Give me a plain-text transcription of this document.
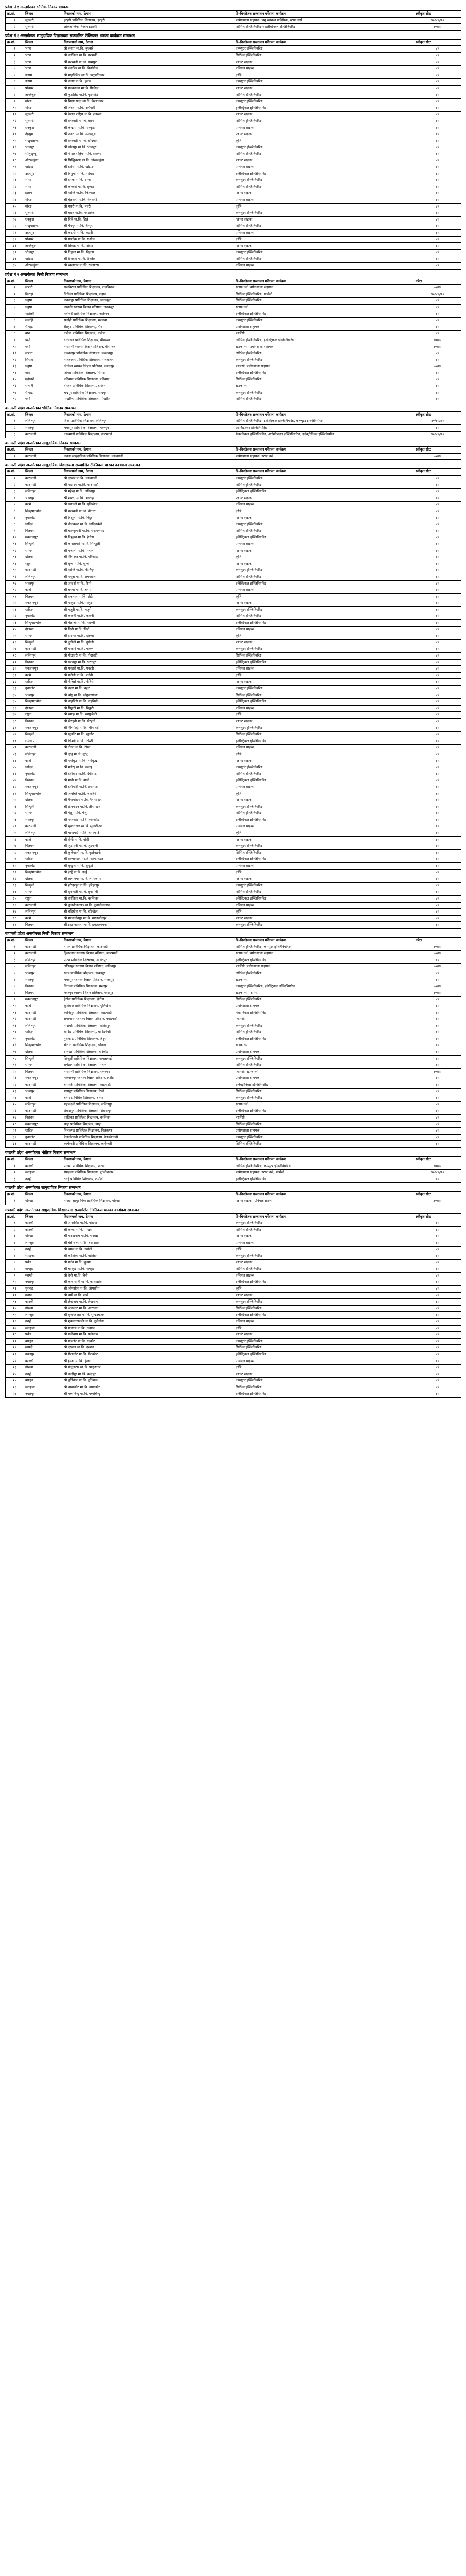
प्रदेश नं १ अन्तर्गतका भौतिक निकाय सम्बन्धन
क्र.सं.	जिल्ला	निकायको नाम, ठेगाना	डि-बिनलेजन सञ्चालन गर्नेवाला कार्यक्रम	स्वीकृत सीट
१	सुनसरी	इटहरी प्राविधिक शिक्षालय, इटहरी	प्रयोगशाला सहायक, पशु स्वास्थ्य प्राविधिक, स्टाफ नर्स	४०/४०/४०
२	सुनसरी	लोकतान्त्रिक निकाय इटहरी	सिभिल इञ्जिनियरिङ र इलेक्ट्रिकल इञ्जिनियरिङ	४०/४०
प्रदेश नं १ अन्तर्गतका सामुदायिक विद्यालयमा सञ्चालित टेक्निकल धारका कार्यक्रम सम्बन्धन
क्र.सं.	जिल्ला	विद्यालयको नाम, ठेगाना	डि-बिनलेजन सञ्चालन गर्नेवाला कार्यक्रम	स्वीकृत सीट
१	भापा	श्री जनता मा.वि. बुधबारे	कम्प्युटर इञ्जिनियरिङ	४०
२	भापा	श्री कालिका मा.वि. गरामनी	सिभिल इञ्जिनियरिङ	४०
३	भापा	श्री सरस्वती मा.वि. धरमपुर	प्लान्ट साइन्स	४०
४	भापा	श्री जनप्रिय मा.वि. बिर्तामोड	एनिमल साइन्स	४०
५	इलाम	श्री माइडिलिप मा.वि. पशुपतिनगर	कृषि	४०
६	इलाम	श्री कन्या मा.वि. इलाम	कम्प्युटर इञ्जिनियरिङ	४०
७	पाँचथर	श्री पञ्चकन्या मा.वि. फिदिम	प्लान्ट साइन्स	४०
८	ताप्लेजुङ	श्री फुङलिङ मा.वि. फुङलिङ	सिभिल इञ्जिनियरिङ	४०
९	मोरङ	श्री शिक्षा सदन मा.वि. विराटनगर	कम्प्युटर इञ्जिनियरिङ	४०
१०	मोरङ	श्री जनता मा.वि. उर्लाबारी	इलेक्ट्रिकल इञ्जिनियरिङ	४०
११	सुनसरी	श्री नेपाल राष्ट्रिय मा.वि. इनरुवा	प्लान्ट साइन्स	४०
१२	सुनसरी	श्री सरस्वती मा.वि. धरान	सिभिल इञ्जिनियरिङ	४०
१३	धनकुटा	श्री केन्द्रीय मा.वि. धनकुटा	एनिमल साइन्स	४०
१४	तेह्रथुम	श्री जनता मा.वि. म्याङलुङ	प्लान्ट साइन्स	४०
१५	संखुवासभा	श्री सरस्वती मा.वि. खाँदबारी	कृषि	४०
१६	भोजपुर	श्री भोजपुर मा.वि. भोजपुर	कम्प्युटर इञ्जिनियरिङ	४०
१७	सोलुखुम्बु	श्री नेपाल राष्ट्रिय मा.वि. सल्लेरी	सिभिल इञ्जिनियरिङ	४०
१८	ओखलढुंगा	श्री सिद्धिचरण मा.वि. ओखलढुंगा	प्लान्ट साइन्स	४०
१९	खोटाङ	श्री हलेसी मा.वि. खोटाङ	एनिमल साइन्स	४०
२०	उदयपुर	श्री त्रियुगा मा.वि. गाईघाट	इलेक्ट्रिकल इञ्जिनियरिङ	४०
२१	भापा	श्री दमक मा.वि. दमक	कम्प्युटर इञ्जिनियरिङ	४०
२२	भापा	श्री कन्काई मा.वि. सुरुङ्गा	सिभिल इञ्जिनियरिङ	४०
२३	इलाम	श्री शान्ति मा.वि. फिक्कल	प्लान्ट साइन्स	४०
२४	मोरङ	श्री बेलबारी मा.वि. बेलबारी	एनिमल साइन्स	४०
२५	मोरङ	श्री पथरी मा.वि. पथरी	कृषि	४०
२६	सुनसरी	श्री बराह मा.वि. बराहक्षेत्र	कम्प्युटर इञ्जिनियरिङ	४०
२७	धनकुटा	श्री हिले मा.वि. हिले	प्लान्ट साइन्स	४०
२८	संखुवासभा	श्री चैनपुर मा.वि. चैनपुर	सिभिल इञ्जिनियरिङ	४०
२९	उदयपुर	श्री कटारी मा.वि. कटारी	एनिमल साइन्स	४०
३०	पाँचथर	श्री याशोक मा.वि. याशोक	कृषि	४०
३१	ताप्लेजुङ	श्री सिवाइ मा.वि. सिवाइ	प्लान्ट साइन्स	४०
३२	भोजपुर	श्री दिङ्ला मा.वि. दिङ्ला	कम्प्युटर इञ्जिनियरिङ	४०
३३	खोटाङ	श्री दिक्तेल मा.वि. दिक्तेल	सिभिल इञ्जिनियरिङ	४०
३४	ओखलढुंगा	श्री रुम्जाटार मा.वि. रुम्जाटार	एनिमल साइन्स	४०
प्रदेश नं २ अन्तर्गतका निजी निकाय सम्बन्धन
क्र.सं.	जिल्ला	निकायको नाम, ठेगाना	डि-बिनलेजन सञ्चालन गर्नेवाला कार्यक्रम	कोटा
१	सप्तरी	राजविराज प्राविधिक शिक्षालय, राजविराज	स्टाफ नर्स, प्रयोगशाला सहायक	४०/४०
२	सिराहा	मिथिला प्राविधिक शिक्षालय, लहान	सिभिल इञ्जिनियरिङ, फार्मेसी	४०/४०/४०
३	धनुषा	जनकपुर प्राविधिक शिक्षालय, जनकपुर	सिभिल इञ्जिनियरिङ	४०
४	धनुषा	जानकी स्वास्थ्य विज्ञान प्रतिष्ठान, जनकपुर	स्टाफ नर्स	४०
५	महोत्तरी	महोत्तरी प्राविधिक शिक्षालय, जलेश्वर	इलेक्ट्रिकल इञ्जिनियरिङ	४०
६	सर्लाही	सर्लाही प्राविधिक शिक्षालय, मलंगवा	कम्प्युटर इञ्जिनियरिङ	४०
७	रौतहट	रौतहट प्राविधिक शिक्षालय, गौर	प्रयोगशाला सहायक	४०
८	बारा	कलैया प्राविधिक शिक्षालय, कलैया	फार्मेसी	४०
९	पर्सा	वीरगञ्ज प्राविधिक शिक्षालय, वीरगञ्ज	सिभिल इञ्जिनियरिङ, इलेक्ट्रिकल इञ्जिनियरिङ	४०/४०
१०	पर्सा	नारायणी स्वास्थ्य विज्ञान प्रतिष्ठान, वीरगञ्ज	स्टाफ नर्स, प्रयोगशाला सहायक	४०/४०
११	सप्तरी	कञ्चनपुर प्राविधिक शिक्षालय, कञ्चनपुर	सिभिल इञ्जिनियरिङ	४०
१२	सिराहा	गोलबजार प्राविधिक शिक्षालय, गोलबजार	कम्प्युटर इञ्जिनियरिङ	४०
१३	धनुषा	मिथिला स्वास्थ्य विज्ञान प्रतिष्ठान, जनकपुर	फार्मेसी, प्रयोगशाला सहायक	४०/४०
१४	बारा	सिमरा प्राविधिक शिक्षालय, सिमरा	इलेक्ट्रिकल इञ्जिनियरिङ	४०
१५	महोत्तरी	बर्दिबास प्राविधिक शिक्षालय, बर्दिबास	सिभिल इञ्जिनियरिङ	४०
१६	सर्लाही	हरिवन प्राविधिक शिक्षालय, हरिवन	स्टाफ नर्स	४०
१७	रौतहट	चन्द्रपुर प्राविधिक शिक्षालय, चन्द्रपुर	कम्प्युटर इञ्जिनियरिङ	४०
१८	पर्सा	पोखरिया प्राविधिक शिक्षालय, पोखरिया	सिभिल इञ्जिनियरिङ	४०
बागमती प्रदेश अन्तर्गतका भौतिक निकाय सम्बन्धन
क्र.सं.	जिल्ला	निकायको नाम, ठेगाना	डि-बिनलेजन सञ्चालन गर्नेवाला कार्यक्रम	स्वीकृत सीट
१	ललितपुर	विश्व प्राविधिक शिक्षालय, ललितपुर	सिभिल इञ्जिनियरिङ, इलेक्ट्रिकल इञ्जिनियरिङ, कम्प्युटर इञ्जिनियरिङ	४०/४०/४०
२	भक्तपुर	भक्तपुर प्राविधिक शिक्षालय, भक्तपुर	आर्किटेक्चर इञ्जिनियरिङ	४०
३	काठमाडौं	काठमाडौं प्राविधिक शिक्षालय, काठमाडौं	मेकानिकल इञ्जिनियरिङ, अटोमोबाइल इञ्जिनियरिङ, इलेक्ट्रोनिक्स इञ्जिनियरिङ	४०/४०/४०
बागमती प्रदेश अन्तर्गतका सामुदायिक निकाय सम्बन्धन
क्र.सं.	जिल्ला	निकायको नाम, ठेगाना	डि-बिनलेजन सञ्चालन गर्नेवाला कार्यक्रम	स्वीकृत सीट
१	काठमाडौं	जनता सामुदायिक प्राविधिक शिक्षालय, काठमाडौं	प्रयोगशाला सहायक, स्टाफ नर्स	४०/४०
बागमती प्रदेश अन्तर्गतका सामुदायिक विद्यालयमा सञ्चालित टेक्निकल धारका कार्यक्रम सम्बन्धन
क्र.सं.	जिल्ला	विद्यालयको नाम, ठेगाना	डि-बिनलेजन सञ्चालन गर्नेवाला कार्यक्रम	स्वीकृत सीट
१	काठमाडौं	श्री दरबार मा.वि. काठमाडौं	कम्प्युटर इञ्जिनियरिङ	४०
२	काठमाडौं	श्री पद्मोदय मा.वि. काठमाडौं	सिभिल इञ्जिनियरिङ	४०
३	ललितपुर	श्री महेन्द्र मा.वि. ललितपुर	इलेक्ट्रिकल इञ्जिनियरिङ	४०
४	भक्तपुर	श्री शारदा मा.वि. भक्तपुर	प्लान्ट साइन्स	४०
५	काभ्रे	श्री भगवती मा.वि. धुलिखेल	एनिमल साइन्स	४०
६	सिन्धुपाल्चोक	श्री सरस्वती मा.वि. चौतारा	कृषि	४०
७	नुवाकोट	श्री त्रिशूली मा.वि. बिदुर	प्लान्ट साइन्स	४०
८	धादिङ	श्री नीलकण्ठ मा.वि. धादिङबेसी	कम्प्युटर इञ्जिनियरिङ	४०
९	चितवन	श्री बालकुमारी मा.वि. नारायणगढ	सिभिल इञ्जिनियरिङ	४०
१०	मकवानपुर	श्री त्रिभुवन मा.वि. हेटौंडा	इलेक्ट्रिकल इञ्जिनियरिङ	४०
११	सिन्धुली	श्री कमलामाई मा.वि. सिन्धुली	एनिमल साइन्स	४०
१२	रामेछाप	श्री मन्थली मा.वि. मन्थली	प्लान्ट साइन्स	४०
१३	दोलखा	श्री भीमेश्वर मा.वि. चरिकोट	कृषि	४०
१४	रसुवा	श्री धुन्चे मा.वि. धुन्चे	प्लान्ट साइन्स	४०
१५	काठमाडौं	श्री शान्ति मा.वि. कीर्तिपुर	कम्प्युटर इञ्जिनियरिङ	४०
१६	ललितपुर	श्री नमूना मा.वि. लगनखेल	सिभिल इञ्जिनियरिङ	४०
१७	भक्तपुर	श्री आदर्श मा.वि. ठिमी	इलेक्ट्रिकल इञ्जिनियरिङ	४०
१८	काभ्रे	श्री बनेपा मा.वि. बनेपा	एनिमल साइन्स	४०
१९	चितवन	श्री रत्ननगर मा.वि. टाँडी	कृषि	४०
२०	मकवानपुर	श्री पालुङ मा.वि. पालुङ	प्लान्ट साइन्स	४०
२१	धादिङ	श्री गजुरी मा.वि. गजुरी	कम्प्युटर इञ्जिनियरिङ	४०
२२	नुवाकोट	श्री ककनी मा.वि. ककनी	सिभिल इञ्जिनियरिङ	४०
२३	सिन्धुपाल्चोक	श्री मेलम्ची मा.वि. मेलम्ची	इलेक्ट्रिकल इञ्जिनियरिङ	४०
२४	दोलखा	श्री जिरी मा.वि. जिरी	एनिमल साइन्स	४०
२५	रामेछाप	श्री दोरम्बा मा.वि. दोरम्बा	कृषि	४०
२६	सिन्धुली	श्री दुधौली मा.वि. दुधौली	प्लान्ट साइन्स	४०
२७	काठमाडौं	श्री गोकर्ण मा.वि. गोकर्ण	कम्प्युटर इञ्जिनियरिङ	४०
२८	ललितपुर	श्री गोदावरी मा.वि. गोदावरी	सिभिल इञ्जिनियरिङ	४०
२९	चितवन	श्री भरतपुर मा.वि. भरतपुर	इलेक्ट्रिकल इञ्जिनियरिङ	४०
३०	मकवानपुर	श्री मनहरी मा.वि. मनहरी	एनिमल साइन्स	४०
३१	काभ्रे	श्री पनौती मा.वि. पनौती	कृषि	४०
३२	धादिङ	श्री नौबिसे मा.वि. नौबिसे	प्लान्ट साइन्स	४०
३३	नुवाकोट	श्री बट्टार मा.वि. बट्टार	कम्प्युटर इञ्जिनियरिङ	४०
३४	भक्तपुर	श्री चाँगु मा.वि. चाँगुनारायण	सिभिल इञ्जिनियरिङ	४०
३५	सिन्धुपाल्चोक	श्री बाह्रबिसे मा.वि. बाह्रबिसे	इलेक्ट्रिकल इञ्जिनियरिङ	४०
३६	दोलखा	श्री सिङ्गटी मा.वि. सिङ्गटी	एनिमल साइन्स	४०
३७	रसुवा	श्री स्याफ्रु मा.वि. स्याफ्रुबेसी	कृषि	४०
३८	चितवन	श्री खैरहनी मा.वि. खैरहनी	प्लान्ट साइन्स	४०
३९	मकवानपुर	श्री भीमफेदी मा.वि. भीमफेदी	कम्प्युटर इञ्जिनियरिङ	४०
४०	सिन्धुली	श्री खुर्कोट मा.वि. खुर्कोट	सिभिल इञ्जिनियरिङ	४०
४१	रामेछाप	श्री खिम्ती मा.वि. खिम्ती	इलेक्ट्रिकल इञ्जिनियरिङ	४०
४२	काठमाडौं	श्री टोखा मा.वि. टोखा	एनिमल साइन्स	४०
४३	ललितपुर	श्री लुभु मा.वि. लुभु	कृषि	४०
४४	काभ्रे	श्री नमोबुद्ध मा.वि. नमोबुद्ध	प्लान्ट साइन्स	४०
४५	धादिङ	श्री मलेखु मा.वि. मलेखु	कम्प्युटर इञ्जिनियरिङ	४०
४६	नुवाकोट	श्री देवीघाट मा.वि. देवीघाट	सिभिल इञ्जिनियरिङ	४०
४७	चितवन	श्री माडी मा.वि. माडी	इलेक्ट्रिकल इञ्जिनियरिङ	४०
४८	मकवानपुर	श्री हर्नामाडी मा.वि. हर्नामाडी	एनिमल साइन्स	४०
४९	सिन्धुपाल्चोक	श्री जलबिरे मा.वि. जलबिरे	कृषि	४०
५०	दोलखा	श्री मैनापोखर मा.वि. मैनापोखर	प्लान्ट साइन्स	४०
५१	सिन्धुली	श्री तीनपाटन मा.वि. तीनपाटन	कम्प्युटर इञ्जिनियरिङ	४०
५२	रामेछाप	श्री गेलु मा.वि. गेलु	सिभिल इञ्जिनियरिङ	४०
५३	भक्तपुर	श्री नगरकोट मा.वि. नगरकोट	इलेक्ट्रिकल इञ्जिनियरिङ	४०
५४	काठमाडौं	श्री सुन्दरीजल मा.वि. सुन्दरीजल	एनिमल साइन्स	४०
५५	ललितपुर	श्री चापागाउँ मा.वि. चापागाउँ	कृषि	४०
५६	काभ्रे	श्री रोशी मा.वि. रोशी	प्लान्ट साइन्स	४०
५७	चितवन	श्री जुटपानी मा.वि. जुटपानी	कम्प्युटर इञ्जिनियरिङ	४०
५८	मकवानपुर	श्री कुलेखानी मा.वि. कुलेखानी	सिभिल इञ्जिनियरिङ	४०
५९	धादिङ	श्री सल्यानटार मा.वि. सल्यानटार	इलेक्ट्रिकल इञ्जिनियरिङ	४०
६०	नुवाकोट	श्री धुन्ढुले मा.वि. धुन्ढुले	एनिमल साइन्स	४०
६१	सिन्धुपाल्चोक	श्री इर्खु मा.वि. इर्खु	कृषि	४०
६२	दोलखा	श्री लामाबगर मा.वि. लामाबगर	प्लान्ट साइन्स	४०
६३	सिन्धुली	श्री हरिहरपुर मा.वि. हरिहरपुर	कम्प्युटर इञ्जिनियरिङ	४०
६४	रामेछाप	श्री सुनापती मा.वि. सुनापती	सिभिल इञ्जिनियरिङ	४०
६५	रसुवा	श्री कालिका मा.वि. कालिका	इलेक्ट्रिकल इञ्जिनियरिङ	४०
६६	काठमाडौं	श्री बुढानीलकण्ठ मा.वि. बुढानीलकण्ठ	एनिमल साइन्स	४०
६७	ललितपुर	श्री बडिखेल मा.वि. बडिखेल	कृषि	४०
६८	काभ्रे	श्री मण्डनदेउपुर मा.वि. मण्डनदेउपुर	प्लान्ट साइन्स	४०
६९	चितवन	श्री इच्छाकामना मा.वि. इच्छाकामना	कम्प्युटर इञ्जिनियरिङ	४०
बागमती प्रदेश अन्तर्गतका निजी निकाय सम्बन्धन
क्र.सं.	जिल्ला	निकायको नाम, ठेगाना	डि-बिनलेजन सञ्चालन गर्नेवाला कार्यक्रम	कोटा
१	काठमाडौं	नेपाल प्राविधिक शिक्षालय, काठमाडौं	सिभिल इञ्जिनियरिङ, कम्प्युटर इञ्जिनियरिङ	४०/४०
२	काठमाडौं	हिमालयन स्वास्थ्य विज्ञान प्रतिष्ठान, काठमाडौं	स्टाफ नर्स, प्रयोगशाला सहायक	४०/४०
३	ललितपुर	पाटन प्राविधिक शिक्षालय, ललितपुर	इलेक्ट्रिकल इञ्जिनियरिङ	४०
४	ललितपुर	ललितपुर स्वास्थ्य विज्ञान प्रतिष्ठान, ललितपुर	फार्मेसी, प्रयोगशाला सहायक	४०/४०
५	भक्तपुर	ख्वप प्राविधिक शिक्षालय, भक्तपुर	सिभिल इञ्जिनियरिङ	४०
६	भक्तपुर	भक्तपुर स्वास्थ्य विज्ञान प्रतिष्ठान, भक्तपुर	स्टाफ नर्स	४०
७	चितवन	चितवन प्राविधिक शिक्षालय, भरतपुर	कम्प्युटर इञ्जिनियरिङ, इलेक्ट्रिकल इञ्जिनियरिङ	४०/४०
८	चितवन	भरतपुर स्वास्थ्य विज्ञान प्रतिष्ठान, भरतपुर	स्टाफ नर्स, फार्मेसी	४०/४०
९	मकवानपुर	हेटौंडा प्राविधिक शिक्षालय, हेटौंडा	सिभिल इञ्जिनियरिङ	४०
१०	काभ्रे	धुलिखेल प्राविधिक शिक्षालय, धुलिखेल	प्रयोगशाला सहायक	४०
११	काठमाडौं	कान्तिपुर प्राविधिक शिक्षालय, काठमाडौं	मेकानिकल इञ्जिनियरिङ	४०
१२	काठमाडौं	सगरमाथा स्वास्थ्य विज्ञान प्रतिष्ठान, काठमाडौं	फार्मेसी	४०
१३	ललितपुर	गोदावरी प्राविधिक शिक्षालय, ललितपुर	कम्प्युटर इञ्जिनियरिङ	४०
१४	धादिङ	धादिङ प्राविधिक शिक्षालय, धादिङबेसी	सिभिल इञ्जिनियरिङ	४०
१५	नुवाकोट	नुवाकोट प्राविधिक शिक्षालय, बिदुर	इलेक्ट्रिकल इञ्जिनियरिङ	४०
१६	सिन्धुपाल्चोक	चौतारा प्राविधिक शिक्षालय, चौतारा	स्टाफ नर्स	४०
१७	दोलखा	दोलखा प्राविधिक शिक्षालय, चरिकोट	प्रयोगशाला सहायक	४०
१८	सिन्धुली	सिन्धुली प्राविधिक शिक्षालय, कमलामाई	कम्प्युटर इञ्जिनियरिङ	४०
१९	रामेछाप	रामेछाप प्राविधिक शिक्षालय, मन्थली	सिभिल इञ्जिनियरिङ	४०
२०	चितवन	नारायणी प्राविधिक शिक्षालय, रत्ननगर	फार्मेसी, स्टाफ नर्स	४०/४०
२१	मकवानपुर	मकवानपुर स्वास्थ्य विज्ञान प्रतिष्ठान, हेटौंडा	प्रयोगशाला सहायक	४०
२२	काठमाडौं	बागमती प्राविधिक शिक्षालय, काठमाडौं	इलेक्ट्रोनिक्स इञ्जिनियरिङ	४०
२३	भक्तपुर	मध्यपुर प्राविधिक शिक्षालय, ठिमी	सिभिल इञ्जिनियरिङ	४०
२४	काभ्रे	बनेपा प्राविधिक शिक्षालय, बनेपा	कम्प्युटर इञ्जिनियरिङ	४०
२५	ललितपुर	महालक्ष्मी प्राविधिक शिक्षालय, ललितपुर	स्टाफ नर्स	४०
२६	काठमाडौं	शंखरापुर प्राविधिक शिक्षालय, शंखरापुर	इलेक्ट्रिकल इञ्जिनियरिङ	४०
२७	चितवन	कालिका प्राविधिक शिक्षालय, कालिका	फार्मेसी	४०
२८	मकवानपुर	थाहा प्राविधिक शिक्षालय, थाहा	सिभिल इञ्जिनियरिङ	४०
२९	धादिङ	निलकण्ठ प्राविधिक शिक्षालय, निलकण्ठ	प्रयोगशाला सहायक	४०
३०	नुवाकोट	बेलकोटगढी प्राविधिक शिक्षालय, बेलकोटगढी	कम्प्युटर इञ्जिनियरिङ	४०
३१	काठमाडौं	कागेश्वरी प्राविधिक शिक्षालय, कागेश्वरी	सिभिल इञ्जिनियरिङ	४०
गण्डकी प्रदेश अन्तर्गतका भौतिक निकाय सम्बन्धन
क्र.सं.	जिल्ला	निकायको नाम, ठेगाना	डि-बिनलेजन सञ्चालन गर्नेवाला कार्यक्रम	स्वीकृत सीट
१	कास्की	पोखरा प्राविधिक शिक्षालय, पोखरा	सिभिल इञ्जिनियरिङ, कम्प्युटर इञ्जिनियरिङ	४०/४०
२	स्याङ्जा	स्याङ्जा प्राविधिक शिक्षालय, पुतलीबजार	प्रयोगशाला सहायक, स्टाफ नर्स, फार्मेसी	४०/४०/४०
३	तनहुँ	तनहुँ प्राविधिक शिक्षालय, दमौली	इलेक्ट्रिकल इञ्जिनियरिङ	४०
गण्डकी प्रदेश अन्तर्गतका सामुदायिक निकाय सम्बन्धन
क्र.सं.	जिल्ला	निकायको नाम, ठेगाना	डि-बिनलेजन सञ्चालन गर्नेवाला कार्यक्रम	स्वीकृत सीट
१	गोरखा	गोरखा सामुदायिक प्राविधिक शिक्षालय, गोरखा	प्लान्ट साइन्स, एनिमल साइन्स	४०/४०
गण्डकी प्रदेश अन्तर्गतका सामुदायिक विद्यालयमा सञ्चालित टेक्निकल धारका कार्यक्रम सम्बन्धन
क्र.सं.	जिल्ला	विद्यालयको नाम, ठेगाना	डि-बिनलेजन सञ्चालन गर्नेवाला कार्यक्रम	स्वीकृत सीट
१	कास्की	श्री अमरसिंह मा.वि. पोखरा	कम्प्युटर इञ्जिनियरिङ	४०
२	कास्की	श्री कन्या मा.वि. पोखरा	सिभिल इञ्जिनियरिङ	४०
३	गोरखा	श्री गोरखनाथ मा.वि. गोरखा	प्लान्ट साइन्स	४०
४	लमजुङ	श्री बेसीशहर मा.वि. बेसीशहर	एनिमल साइन्स	४०
५	तनहुँ	श्री व्यास मा.वि. दमौली	कृषि	४०
६	स्याङ्जा	श्री कालिका मा.वि. वालिङ	कम्प्युटर इञ्जिनियरिङ	४०
७	पर्वत	श्री पर्वत मा.वि. कुश्मा	प्लान्ट साइन्स	४०
८	बाग्लुङ	श्री बाग्लुङ मा.वि. बाग्लुङ	सिभिल इञ्जिनियरिङ	४०
९	म्याग्दी	श्री बेनी मा.वि. बेनी	एनिमल साइन्स	४०
१०	नवलपुर	श्री कावासोती मा.वि. कावासोती	इलेक्ट्रिकल इञ्जिनियरिङ	४०
११	मुस्ताङ	श्री जोमसोम मा.वि. जोमसोम	कृषि	४०
१२	मनाङ	श्री चामे मा.वि. चामे	प्लान्ट साइन्स	४०
१३	कास्की	श्री लेखनाथ मा.वि. लेखनाथ	कम्प्युटर इञ्जिनियरिङ	४०
१४	गोरखा	श्री आरुघाट मा.वि. आरुघाट	सिभिल इञ्जिनियरिङ	४०
१५	लमजुङ	श्री सुन्दरबजार मा.वि. सुन्दरबजार	इलेक्ट्रिकल इञ्जिनियरिङ	४०
१६	तनहुँ	श्री शुक्लागण्डकी मा.वि. दुलेगौंडा	एनिमल साइन्स	४०
१७	स्याङ्जा	श्री गल्याङ मा.वि. गल्याङ	कृषि	४०
१८	पर्वत	श्री फलेबास मा.वि. फलेबास	प्लान्ट साइन्स	४०
१९	बाग्लुङ	श्री गल्कोट मा.वि. गल्कोट	कम्प्युटर इञ्जिनियरिङ	४०
२०	म्याग्दी	श्री दरबाङ मा.वि. दरबाङ	सिभिल इञ्जिनियरिङ	४०
२१	नवलपुर	श्री गैंडाकोट मा.वि. गैंडाकोट	इलेक्ट्रिकल इञ्जिनियरिङ	४०
२२	कास्की	श्री हेम्जा मा.वि. हेम्जा	एनिमल साइन्स	४०
२३	गोरखा	श्री पालुङटार मा.वि. पालुङटार	कृषि	४०
२४	तनहुँ	श्री बन्दीपुर मा.वि. बन्दीपुर	प्लान्ट साइन्स	४०
२५	बाग्लुङ	श्री बुर्तिबाङ मा.वि. बुर्तिबाङ	कम्प्युटर इञ्जिनियरिङ	४०
२६	स्याङ्जा	श्री चापाकोट मा.वि. चापाकोट	सिभिल इञ्जिनियरिङ	४०
२७	नवलपुर	श्री मध्यबिन्दु मा.वि. मध्यबिन्दु	इलेक्ट्रिकल इञ्जिनियरिङ	४०
